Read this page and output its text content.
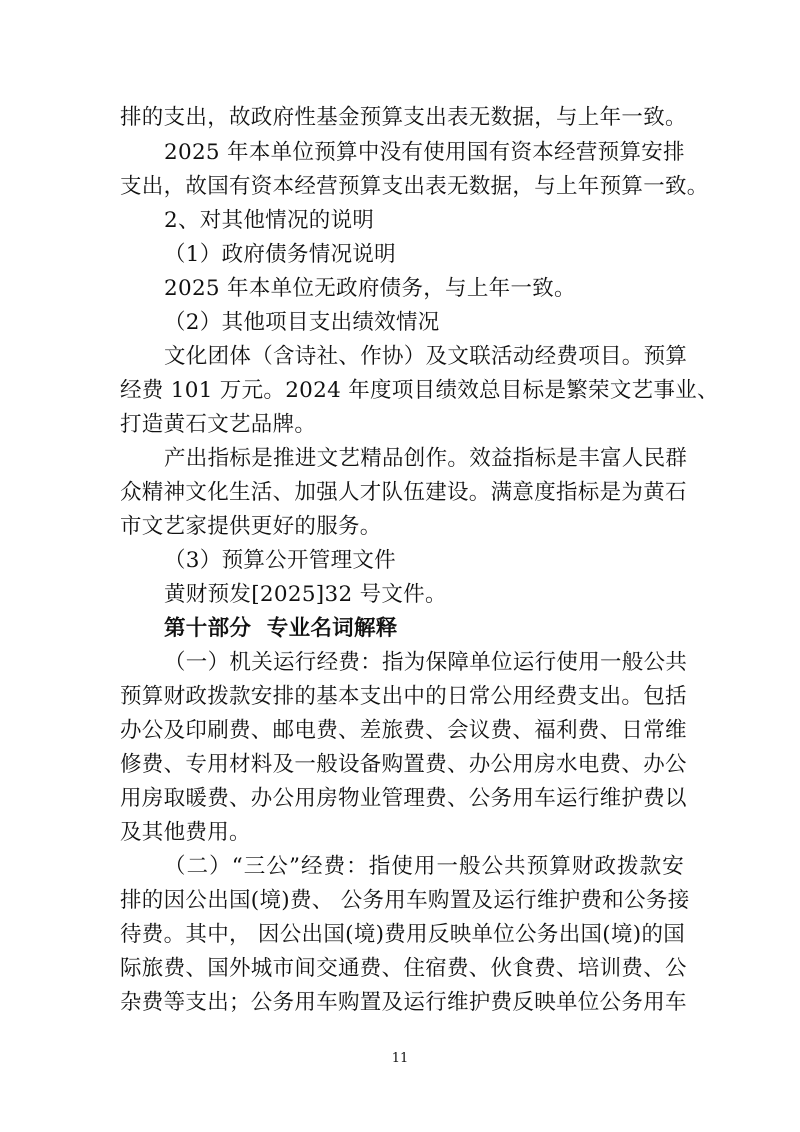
排的支出，故政府性基金预算支出表无数据，与上年一致。
2025 年本单位预算中没有使用国有资本经营预算安排
支出，故国有资本经营预算支出表无数据，与上年预算一致。
2、对其他情况的说明
（1）政府债务情况说明
2025 年本单位无政府债务，与上年一致。
（2）其他项目支出绩效情况
文化团体（含诗社、作协）及文联活动经费项目。预算
经费 101 万元。2024 年度项目绩效总目标是繁荣文艺事业、
打造黄石文艺品牌。
产出指标是推进文艺精品创作。效益指标是丰富人民群
众精神文化生活、加强人才队伍建设。满意度指标是为黄石
市文艺家提供更好的服务。
（3）预算公开管理文件
黄财预发[2025]32 号文件。
第十部分  专业名词解释
（一）机关运行经费：指为保障单位运行使用一般公共
预算财政拨款安排的基本支出中的日常公用经费支出。包括
办公及印刷费、邮电费、差旅费、会议费、福利费、日常维
修费、专用材料及一般设备购置费、办公用房水电费、办公
用房取暖费、办公用房物业管理费、公务用车运行维护费以
及其他费用。
（二）“三公”经费：指使用一般公共预算财政拨款安
排的因公出国(境)费、 公务用车购置及运行维护费和公务接
待费。其中， 因公出国(境)费用反映单位公务出国(境)的国
际旅费、国外城市间交通费、住宿费、伙食费、培训费、公
杂费等支出；公务用车购置及运行维护费反映单位公务用车
11
